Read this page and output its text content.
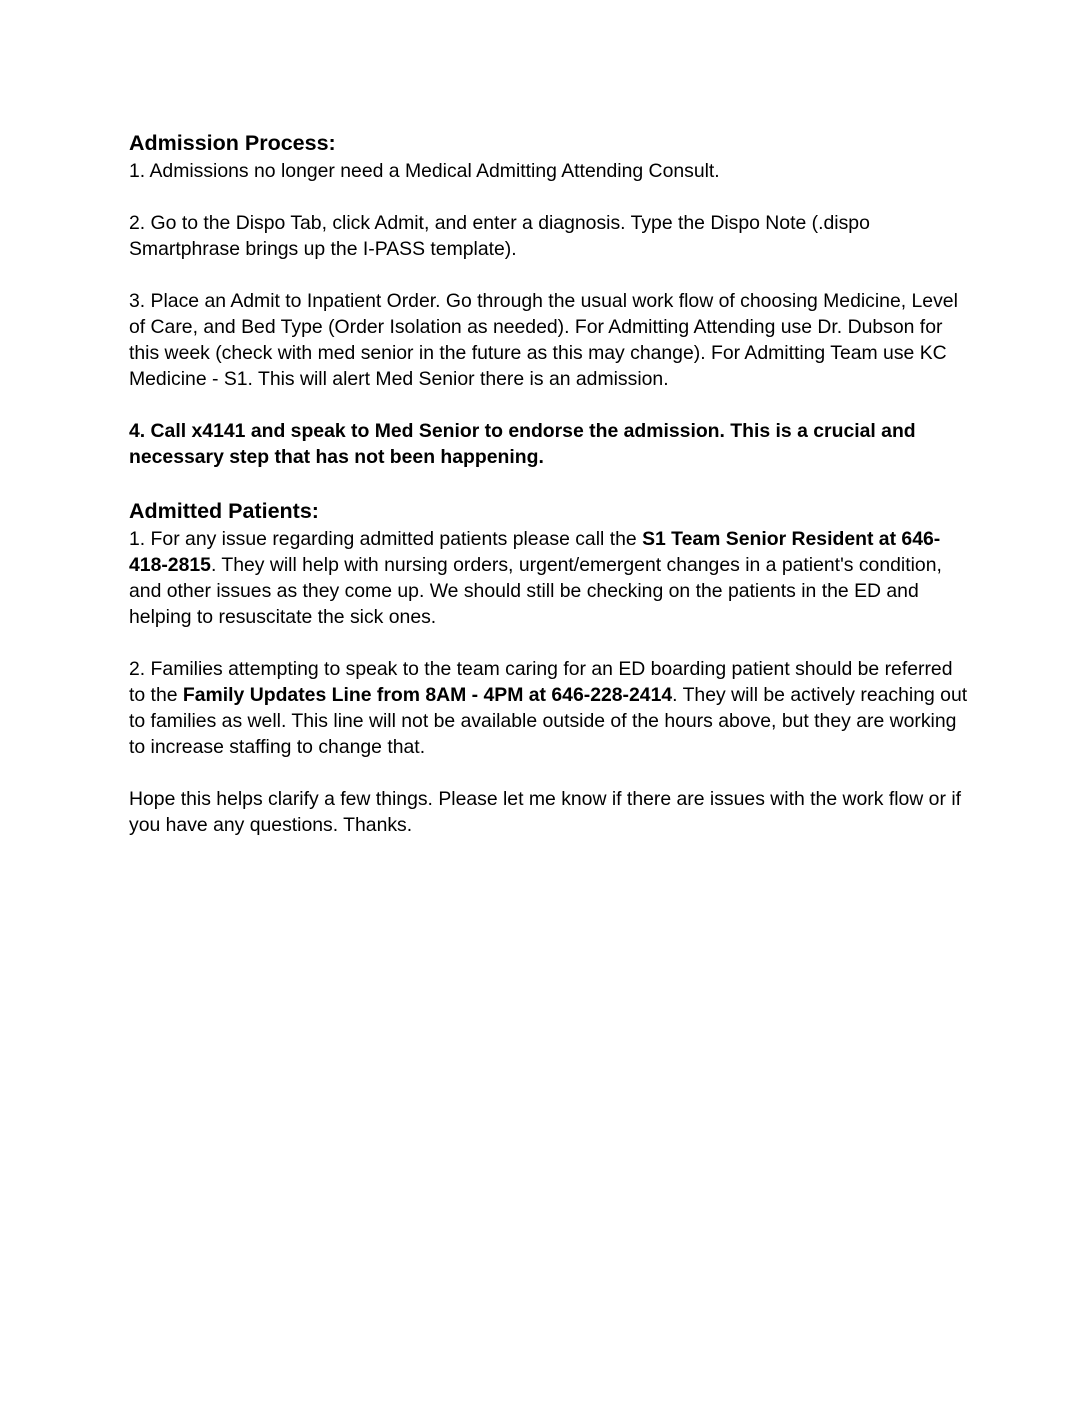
Admission Process:

1. Admissions no longer need a Medical Admitting Attending Consult.

2. Go to the Dispo Tab, click Admit, and enter a diagnosis. Type the Dispo Note (.dispo Smartphrase brings up the I-PASS template).

3. Place an Admit to Inpatient Order. Go through the usual work flow of choosing Medicine, Level of Care, and Bed Type (Order Isolation as needed). For Admitting Attending use Dr. Dubson for this week (check with med senior in the future as this may change). For Admitting Team use KC Medicine - S1. This will alert Med Senior there is an admission.

4. Call x4141 and speak to Med Senior to endorse the admission. This is a crucial and necessary step that has not been happening.

Admitted Patients:

1. For any issue regarding admitted patients please call the S1 Team Senior Resident at 646-418-2815. They will help with nursing orders, urgent/emergent changes in a patient's condition, and other issues as they come up. We should still be checking on the patients in the ED and helping to resuscitate the sick ones.

2. Families attempting to speak to the team caring for an ED boarding patient should be referred to the Family Updates Line from 8AM - 4PM at 646-228-2414. They will be actively reaching out to families as well. This line will not be available outside of the hours above, but they are working to increase staffing to change that.

Hope this helps clarify a few things. Please let me know if there are issues with the work flow or if you have any questions. Thanks.
